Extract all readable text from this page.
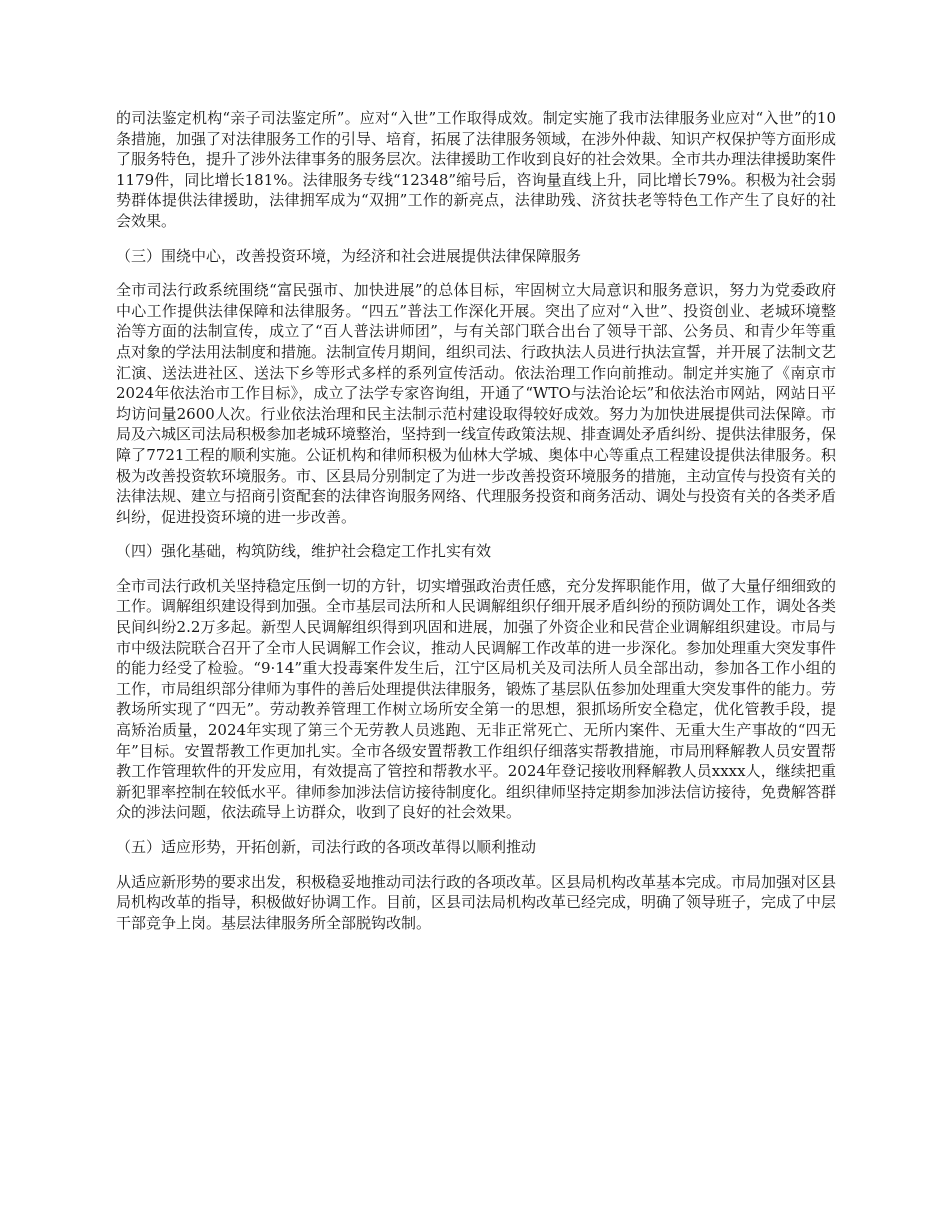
的司法鉴定机构“亲子司法鉴定所”。应对“入世”工作取得成效。制定实施了我市法律服务业应对“入世”的10条措施，加强了对法律服务工作的引导、培育，拓展了法律服务领域，在涉外仲裁、知识产权保护等方面形成了服务特色，提升了涉外法律事务的服务层次。法律援助工作收到良好的社会效果。全市共办理法律援助案件1179件，同比增长181%。法律服务专线“12348”缩号后，咨询量直线上升，同比增长79%。积极为社会弱势群体提供法律援助，法律拥军成为“双拥”工作的新亮点，法律助残、济贫扶老等特色工作产生了良好的社会效果。

（三）围绕中心，改善投资环境，为经济和社会进展提供法律保障服务

全市司法行政系统围绕“富民强市、加快进展”的总体目标，牢固树立大局意识和服务意识，努力为党委政府中心工作提供法律保障和法律服务。“四五”普法工作深化开展。突出了应对“入世”、投资创业、老城环境整治等方面的法制宣传，成立了“百人普法讲师团”，与有关部门联合出台了领导干部、公务员、和青少年等重点对象的学法用法制度和措施。法制宣传月期间，组织司法、行政执法人员进行执法宣誓，并开展了法制文艺汇演、送法进社区、送法下乡等形式多样的系列宣传活动。依法治理工作向前推动。制定并实施了《南京市2024年依法治市工作目标》，成立了法学专家咨询组，开通了“WTO与法治论坛”和依法治市网站，网站日平均访问量2600人次。行业依法治理和民主法制示范村建设取得较好成效。努力为加快进展提供司法保障。市局及六城区司法局积极参加老城环境整治，坚持到一线宣传政策法规、排查调处矛盾纠纷、提供法律服务，保障了7721工程的顺利实施。公证机构和律师积极为仙林大学城、奥体中心等重点工程建设提供法律服务。积极为改善投资软环境服务。市、区县局分别制定了为进一步改善投资环境服务的措施，主动宣传与投资有关的法律法规、建立与招商引资配套的法律咨询服务网络、代理服务投资和商务活动、调处与投资有关的各类矛盾纠纷，促进投资环境的进一步改善。

（四）强化基础，构筑防线，维护社会稳定工作扎实有效

全市司法行政机关坚持稳定压倒一切的方针，切实增强政治责任感，充分发挥职能作用，做了大量仔细细致的工作。调解组织建设得到加强。全市基层司法所和人民调解组织仔细开展矛盾纠纷的预防调处工作，调处各类民间纠纷2.2万多起。新型人民调解组织得到巩固和进展，加强了外资企业和民营企业调解组织建设。市局与市中级法院联合召开了全市人民调解工作会议，推动人民调解工作改革的进一步深化。参加处理重大突发事件的能力经受了检验。“9·14”重大投毒案件发生后，江宁区局机关及司法所人员全部出动，参加各工作小组的工作，市局组织部分律师为事件的善后处理提供法律服务，锻炼了基层队伍参加处理重大突发事件的能力。劳教场所实现了“四无”。劳动教养管理工作树立场所安全第一的思想，狠抓场所安全稳定，优化管教手段，提高矫治质量，2024年实现了第三个无劳教人员逃跑、无非正常死亡、无所内案件、无重大生产事故的“四无年”目标。安置帮教工作更加扎实。全市各级安置帮教工作组织仔细落实帮教措施，市局刑释解教人员安置帮教工作管理软件的开发应用，有效提高了管控和帮教水平。2024年登记接收刑释解教人员xxxx人，继续把重新犯罪率控制在较低水平。律师参加涉法信访接待制度化。组织律师坚持定期参加涉法信访接待，免费解答群众的涉法问题，依法疏导上访群众，收到了良好的社会效果。

（五）适应形势，开拓创新，司法行政的各项改革得以顺利推动

从适应新形势的要求出发，积极稳妥地推动司法行政的各项改革。区县局机构改革基本完成。市局加强对区县局机构改革的指导，积极做好协调工作。目前，区县司法局机构改革已经完成，明确了领导班子，完成了中层干部竞争上岗。基层法律服务所全部脱钩改制。
